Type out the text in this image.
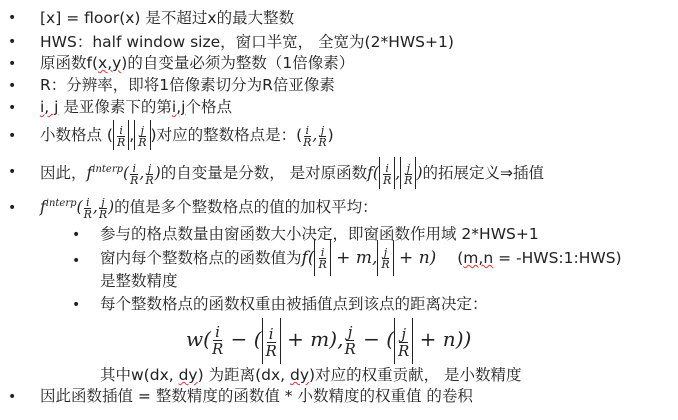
• [x] = floor(x) 是不超过x的最大整数
• HWS：half window size，窗口半宽， 全宽为(2*HWS+1)
• 原函数f(x,y)的自变量必须为整数（1倍像素）
• R：分辨率，即将1倍像素切分为R倍亚像素
• i, j 是亚像素下的第i,j个格点
• 小数格点 ( $\frac{i}{R}$ , $\frac{j}{R}$ )对应的整数格点是：( $\frac{i}{R}$ , $\frac{j}{R}$ )
• 因此，$f^{interp}( \frac{i}{R}$ , $\frac{j}{R}$ )的自变量是分数， 是对原函数$f( \frac{i}{R}$ , $\frac{j}{R}$ )的拓展定义⇒插值
• $f^{interp}( \frac{i}{R}$ , $\frac{j}{R}$ )的值是多个整数格点的值的加权平均：
• 参与的格点数量由窗函数大小决定，即窗函数作用域 2*HWS+1
• 窗内每个整数格点的函数值为$f( \frac{i}{R} + m$, $\frac{j}{R} + n$) (m,n = -HWS:1:HWS)
是整数精度
• 每个整数格点的函数权重由被插值点到该点的距离决定：
$w( \frac{i}{R}$ − ( $\frac{i}{R} + m$), $\frac{j}{R}$ − ( $\frac{j}{R} + n$))
其中w(dx, dy) 为距离(dx, dy)对应的权重贡献， 是小数精度
• 因此函数插值 = 整数精度的函数值 * 小数精度的权重值 的卷积
